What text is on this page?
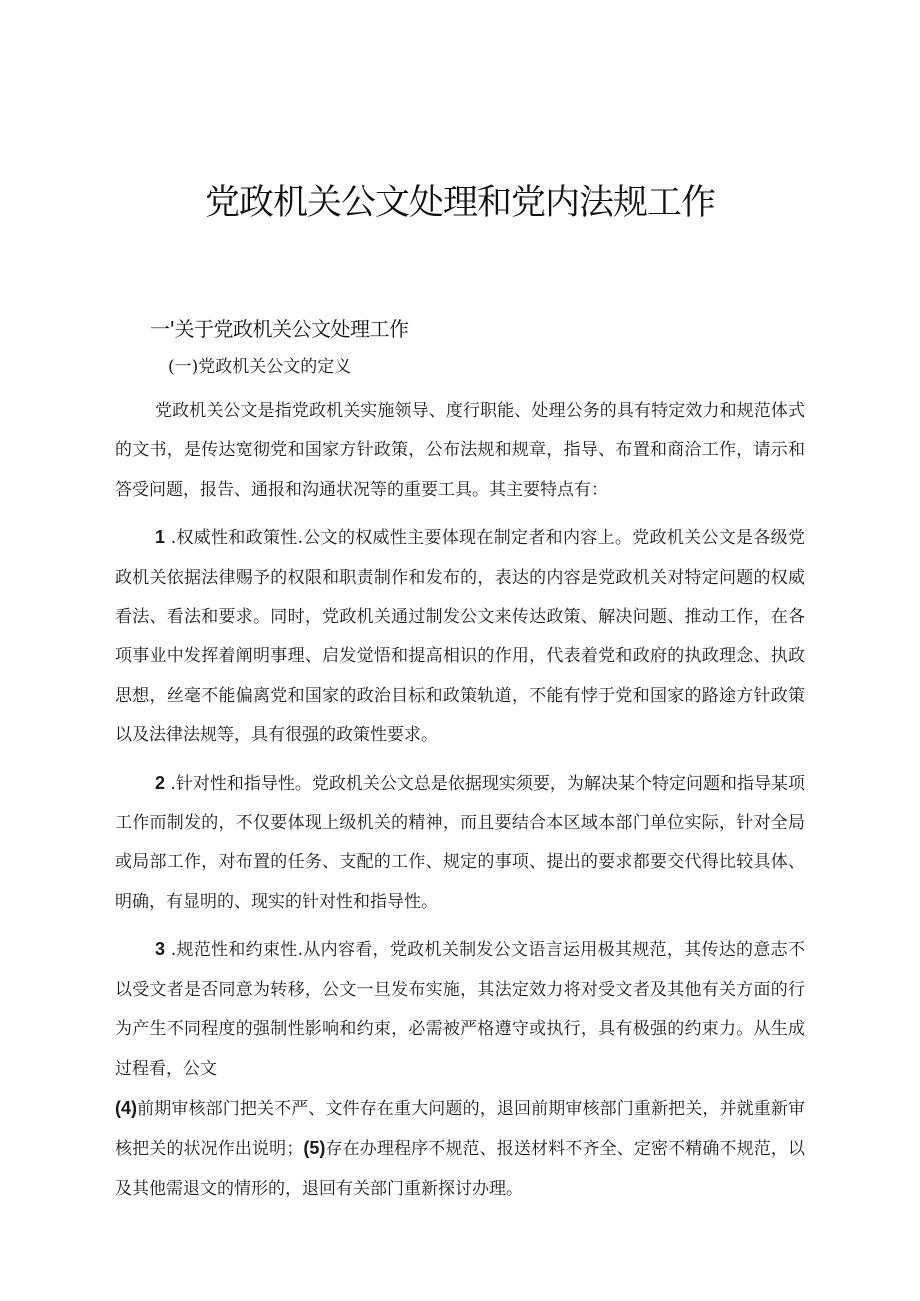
党政机关公文处理和党内法规工作
一'关于党政机关公文处理工作
(一)党政机关公文的定义

党政机关公文是指党政机关实施领导、度行职能、处理公务的具有特定效力和规范体式的文书，是传达宽彻党和国家方针政策，公布法规和规章，指导、布置和商洽工作，请示和答受问题，报告、通报和沟通状况等的重要工具。其主要特点有：

1 .权威性和政策性.公文的权威性主要体现在制定者和内容上。党政机关公文是各级党政机关依据法律赐予的权限和职责制作和发布的，表达的内容是党政机关对特定问题的权威看法、看法和要求。同时，党政机关通过制发公文来传达政策、解决问题、推动工作，在各项事业中发挥着阐明事理、启发觉悟和提高相识的作用，代表着党和政府的执政理念、执政思想，丝毫不能偏离党和国家的政治目标和政策轨道，不能有悖于党和国家的路途方针政策以及法律法规等，具有很强的政策性要求。

2 .针对性和指导性。党政机关公文总是依据现实须要，为解决某个特定问题和指导某项工作而制发的，不仅要体现上级机关的精神，而且要结合本区域本部门单位实际，针对全局或局部工作，对布置的任务、支配的工作、规定的事项、提出的要求都要交代得比较具体、明确，有显明的、现实的针对性和指导性。

3 .规范性和约束性.从内容看，党政机关制发公文语言运用极其规范，其传达的意志不以受文者是否同意为转移，公文一旦发布实施，其法定效力将对受文者及其他有关方面的行为产生不同程度的强制性影响和约束，必需被严格遵守或执行，具有极强的约束力。从生成过程看，公文

(4)前期审核部门把关不严、文件存在重大问题的，退回前期审核部门重新把关，并就重新审核把关的状况作出说明；(5)存在办理程序不规范、报送材料不齐全、定密不精确不规范，以及其他需退文的情形的，退回有关部门重新探讨办理。
